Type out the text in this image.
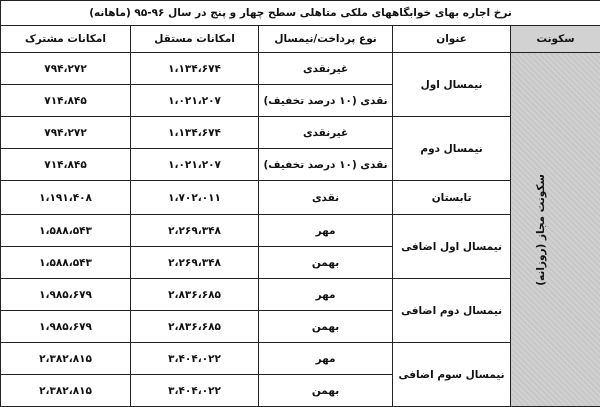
نرخ اجاره بهای خوابگاههای ملکی متاهلی سطح چهار و پنج در سال ۹۶-۹۵ (ماهانه)				
سکونت	عنوان	نوع پرداخت/نیمسال	امکانات مستقل	امکانات مشترک
سکونت مجاز (روزانه)	نیمسال اول	غیرنقدی	۱،۱۳۴،۶۷۴	۷۹۴،۲۷۲
		نقدی (۱۰ درصد تخفیف)	۱،۰۲۱،۲۰۷	۷۱۴،۸۴۵
	نیمسال دوم	غیرنقدی	۱،۱۳۴،۶۷۴	۷۹۴،۲۷۲
		نقدی (۱۰ درصد تخفیف)	۱،۰۲۱،۲۰۷	۷۱۴،۸۴۵
	تابستان	نقدی	۱،۷۰۲،۰۱۱	۱،۱۹۱،۴۰۸
	نیمسال اول اضافی	مهر	۲،۲۶۹،۳۴۸	۱،۵۸۸،۵۴۳
		بهمن	۲،۲۶۹،۳۴۸	۱،۵۸۸،۵۴۳
	نیمسال دوم اضافی	مهر	۲،۸۳۶،۶۸۵	۱،۹۸۵،۶۷۹
		بهمن	۲،۸۳۶،۶۸۵	۱،۹۸۵،۶۷۹
	نیمسال سوم اضافی	مهر	۳،۴۰۴،۰۲۲	۲،۳۸۲،۸۱۵
		بهمن	۳،۴۰۴،۰۲۲	۲،۳۸۲،۸۱۵
